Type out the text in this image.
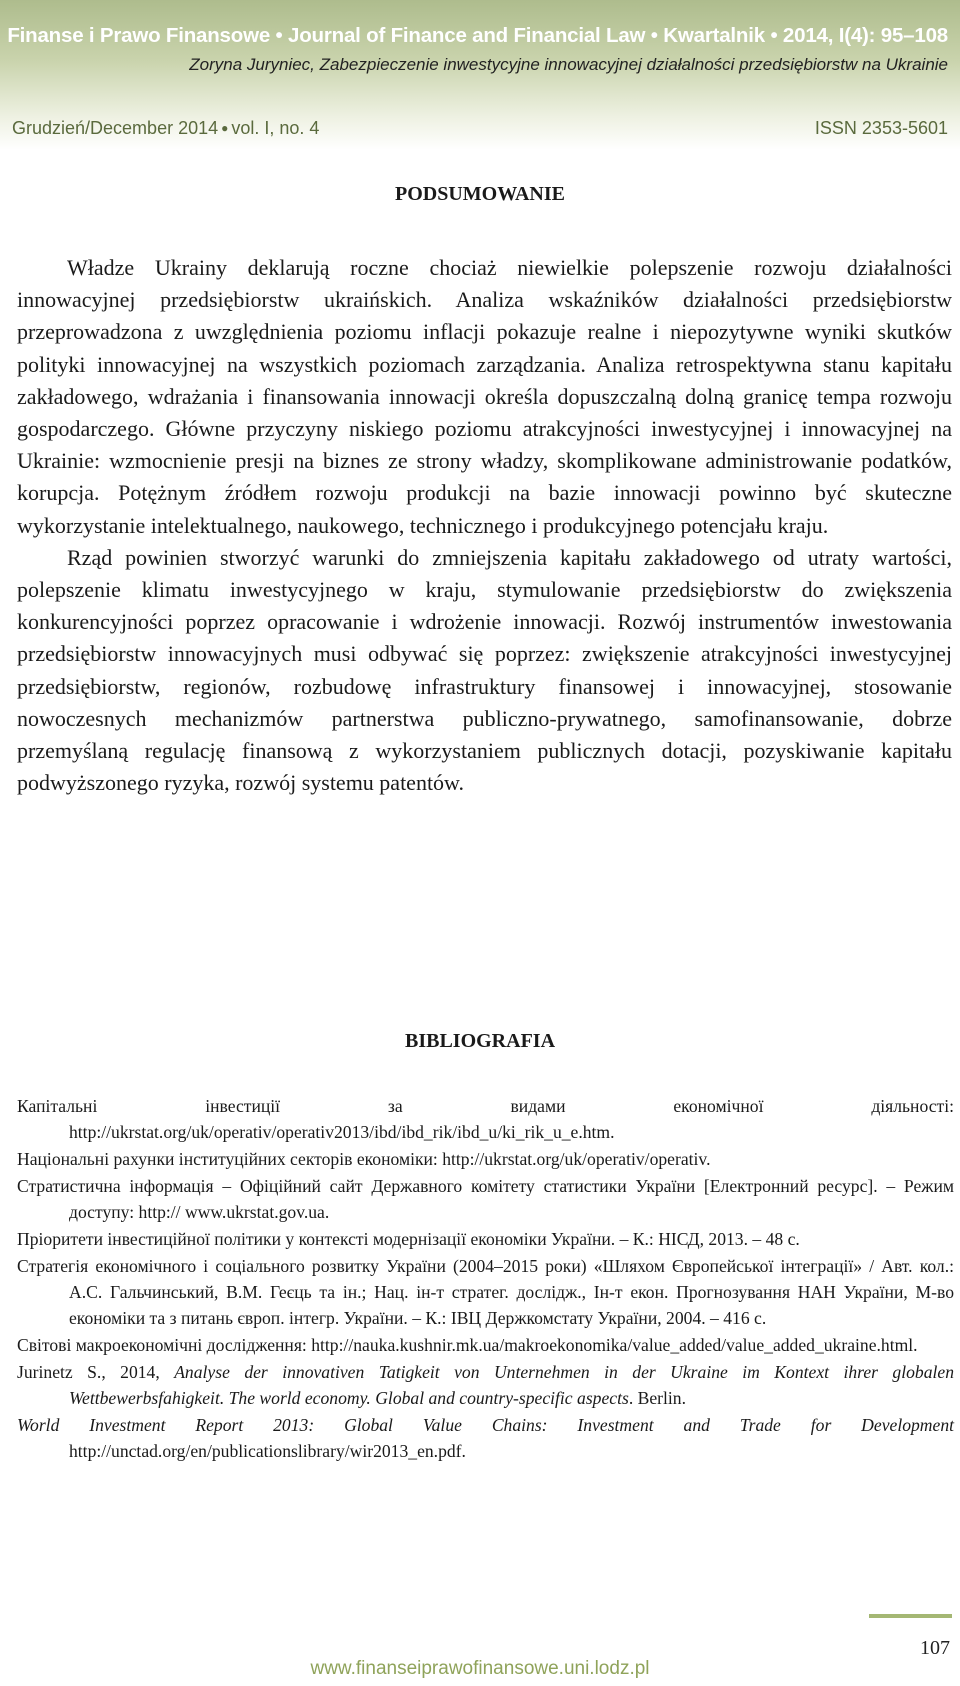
Finanse i Prawo Finansowe • Journal of Finance and Financial Law • Kwartalnik • 2014, I(4): 95–108
Zoryna Juryniec, Zabezpieczenie inwestycyjne innowacyjnej działalności przedsiębiorstw na Ukrainie
Grudzień/December 2014 ● vol. I, no. 4	ISSN 2353-5601
PODSUMOWANIE

Władze Ukrainy deklarują roczne chociaż niewielkie polepszenie rozwoju działalności innowacyjnej przedsiębiorstw ukraińskich. Analiza wskaźników działalności przedsiębiorstw przeprowadzona z uwzględnienia poziomu inflacji pokazuje realne i niepozytywne wyniki skutków polityki innowacyjnej na wszystkich poziomach zarządzania. Analiza retrospektywna stanu kapitału zakładowego, wdrażania i finansowania innowacji określa dopuszczalną dolną granicę tempa rozwoju gospodarczego. Główne przyczyny niskiego poziomu atrakcyjności inwestycyjnej i innowacyjnej na Ukrainie: wzmocnienie presji na biznes ze strony władzy, skomplikowane administrowanie podatków, korupcja. Potężnym źródłem rozwoju produkcji na bazie innowacji powinno być skuteczne wykorzystanie intelektualnego, naukowego, technicznego i produkcyjnego potencjału kraju.

Rząd powinien stworzyć warunki do zmniejszenia kapitału zakładowego od utraty wartości, polepszenie klimatu inwestycyjnego w kraju, stymulowanie przedsiębiorstw do zwiększenia konkurencyjności poprzez opracowanie i wdrożenie innowacji. Rozwój instrumentów inwestowania przedsiębiorstw innowacyjnych musi odbywać się poprzez: zwiększenie atrakcyjności inwestycyjnej przedsiębiorstw, regionów, rozbudowę infrastruktury finansowej i innowacyjnej, stosowanie nowoczesnych mechanizmów partnerstwa publiczno-prywatnego, samofinansowanie, dobrze przemyślaną regulację finansową z wykorzystaniem publicznych dotacji, pozyskiwanie kapitału podwyższonego ryzyka, rozwój systemu patentów.

BIBLIOGRAFIA
Капітальні інвестиції за видами економічної діяльності: http://ukrstat.org/uk/operativ/operativ2013/ibd/ibd_rik/ibd_u/ki_rik_u_e.htm.
Національні рахунки інституційних секторів економіки: http://ukrstat.org/uk/operativ/operativ.
Стратистична інформація – Офіційний сайт Державного комітету статистики України [Електронний ресурс]. – Режим доступу: http:// www.ukrstat.gov.ua.
Пріоритети інвестиційної політики у контексті модернізації економіки України. – К.: НІСД, 2013. – 48 с.
Стратегія економічного і соціального розвитку України (2004–2015 роки) «Шляхом Європейської інтеграції» / Авт. кол.: А.С. Гальчинський, В.М. Геєць та ін.; Нац. ін-т стратег. дослідж., Ін-т екон. Прогнозування НАН України, М-во економіки та з питань європ. інтегр. України. – К.: ІВЦ Держкомстату України, 2004. – 416 с.
Світові макроекономічні дослідження: http://nauka.kushnir.mk.ua/makroekonomika/value_added/value_added_ukraine.html.
Jurinetz S., 2014, Analyse der innovativen Tatigkeit von Unternehmen in der Ukraine im Kontext ihrer globalen Wettbewerbsfahigkeit. The world economy. Global and country-specific aspects. Berlin.
World Investment Report 2013: Global Value Chains: Investment and Trade for Development http://unctad.org/en/publicationslibrary/wir2013_en.pdf.
107
www.finanseiprawofinansowe.uni.lodz.pl
